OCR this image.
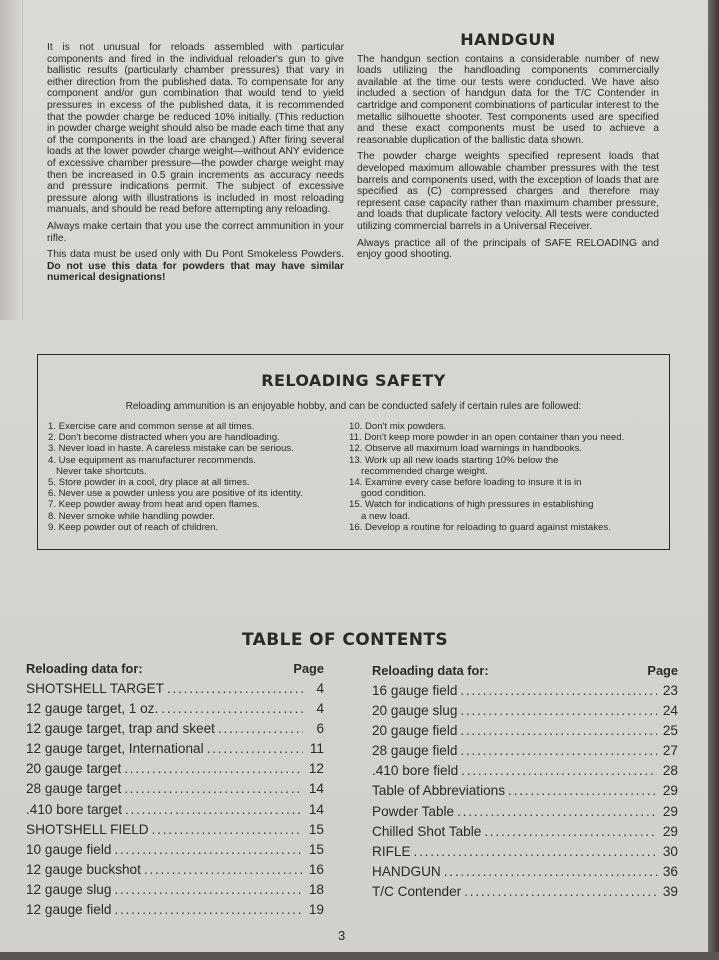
It is not unusual for reloads assembled with particular components and fired in the individual reloader's gun to give ballistic results (particularly chamber pressures) that vary in either direction from the published data. To compensate for any component and/or gun combination that would tend to yield pressures in excess of the published data, it is recommended that the powder charge be reduced 10% initially. (This reduction in powder charge weight should also be made each time that any of the components in the load are changed.) After firing several loads at the lower powder charge weight—without ANY evidence of excessive chamber pressure—the powder charge weight may then be increased in 0.5 grain increments as accuracy needs and pressure indications permit. The subject of excessive pressure along with illustrations is included in most reloading manuals, and should be read before attempting any reloading.

Always make certain that you use the correct ammunition in your rifle.

This data must be used only with Du Pont Smokeless Powders. Do not use this data for powders that may have similar numerical designations!

HANDGUN

The handgun section contains a considerable number of new loads utilizing the handloading components commercially available at the time our tests were conducted. We have also included a section of handgun data for the T/C Contender in cartridge and component combinations of particular interest to the metallic silhouette shooter. Test components used are specified and these exact components must be used to achieve a reasonable duplication of the ballistic data shown.

The powder charge weights specified represent loads that developed maximum allowable chamber pressures with the test barrels and components used, with the exception of loads that are specified as (C) compressed charges and therefore may represent case capacity rather than maximum chamber pressure, and loads that duplicate factory velocity. All tests were conducted utilizing commercial barrels in a Universal Receiver.

Always practice all of the principals of SAFE RELOADING and enjoy good shooting.

RELOADING SAFETY
Reloading ammunition is an enjoyable hobby, and can be conducted safely if certain rules are followed:
1. Exercise care and common sense at all times.
2. Don't become distracted when you are handloading.
3. Never load in haste. A careless mistake can be serious.
4. Use equipment as manufacturer recommends.
Never take shortcuts.
5. Store powder in a cool, dry place at all times.
6. Never use a powder unless you are positive of its identity.
7. Keep powder away from heat and open flames.
8. Never smoke while handling powder.
9. Keep powder out of reach of children.
10. Don't mix powders.
11. Don't keep more powder in an open container than you need.
12. Observe all maximum load warnings in handbooks.
13. Work up all new loads starting 10% below the
recommended charge weight.
14. Examine every case before loading to insure it is in
good condition.
15. Watch for indications of high pressures in establishing
a new load.
16. Develop a routine for reloading to guard against mistakes.
TABLE OF CONTENTS
Reloading data for:	Page
SHOTSHELL TARGET . . .	4
12 gauge target, 1 oz. . . .	4
12 gauge target, trap and skeet . . .	6
12 gauge target, International . . .	11
20 gauge target . . .	12
28 gauge target . . .	14
.410 bore target . . .	14
SHOTSHELL FIELD . . .	15
10 gauge field . . .	15
12 gauge buckshot . . .	16
12 gauge slug . . .	18
12 gauge field . . .	19
Reloading data for:	Page
16 gauge field . . .	23
20 gauge slug . . .	24
20 gauge field . . .	25
28 gauge field . . .	27
.410 bore field . . .	28
Table of Abbreviations . . .	29
Powder Table . . .	29
Chilled Shot Table . . .	29
RIFLE . . .	30
HANDGUN . . .	36
T/C Contender . . .	39
3
